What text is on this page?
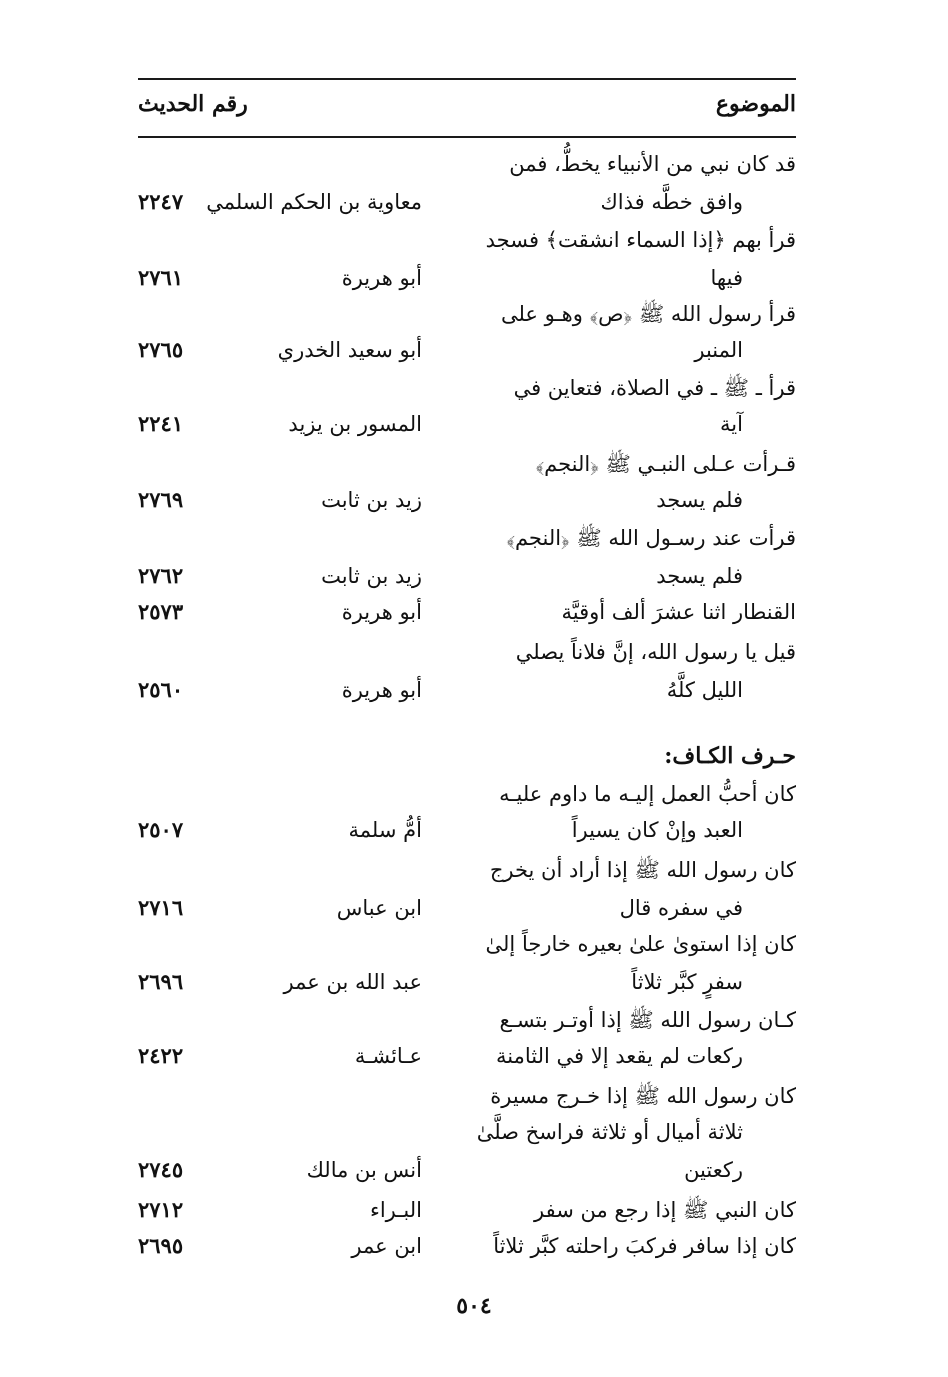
الموضوع
رقم الحديث
قد كان نبي من الأنبياء يخطُّ، فمن
وافق خطَّه فذاك
معاوية بن الحكم السلمي
٢٢٤٧
قرأ بهم ﴿إذا السماء انشقت﴾ فسجد
فيها
أبو هريرة
٢٧٦١
قرأ رسول الله ﷺ ﴿ص﴾ وهـو على
المنبر
أبو سعيد الخدري
٢٧٦٥
قرأ ـ ﷺ ـ في الصلاة، فتعاين في
آية
المسور بن يزيد
٢٢٤١
قـرأت عـلى النبـي ﷺ ﴿النجم﴾
فلم يسجد
زيد بن ثابت
٢٧٦٩
قرأت عند رسـول الله ﷺ ﴿النجم﴾
فلم يسجد
زيد بن ثابت
٢٧٦٢
القنطار اثنا عشرَ ألف أوقيَّة
أبو هريرة
٢٥٧٣
قيل يا رسول الله، إنَّ فلاناً يصلي
الليل كلَّهُ
أبو هريرة
٢٥٦٠
حـرف الكـاف:
كان أحبُّ العمل إليـه ما داوم عليـه
العبد وإنْ كان يسيراً
أمُّ سلمة
٢٥٠٧
كان رسول الله ﷺ إذا أراد أن يخرج
في سفره قال
ابن عباس
٢٧١٦
كان إذا استوىٰ علىٰ بعيره خارجاً إلىٰ
سفرٍ كبَّر ثلاثاً
عبد الله بن عمر
٢٦٩٦
كـان رسول الله ﷺ إذا أوتـر بتسـع
ركعات لم يقعد إلا في الثامنة
عـائشـة
٢٤٢٢
كان رسول الله ﷺ إذا خـرج مسيرة
ثلاثة أميال أو ثلاثة فراسخ صلَّىٰ
ركعتين
أنس بن مالك
٢٧٤٥
كان النبي ﷺ إذا رجع من سفر
البـراء
٢٧١٢
كان إذا سافر فركبَ راحلته كبَّر ثلاثاً
ابن عمر
٢٦٩٥
٥٠٤
